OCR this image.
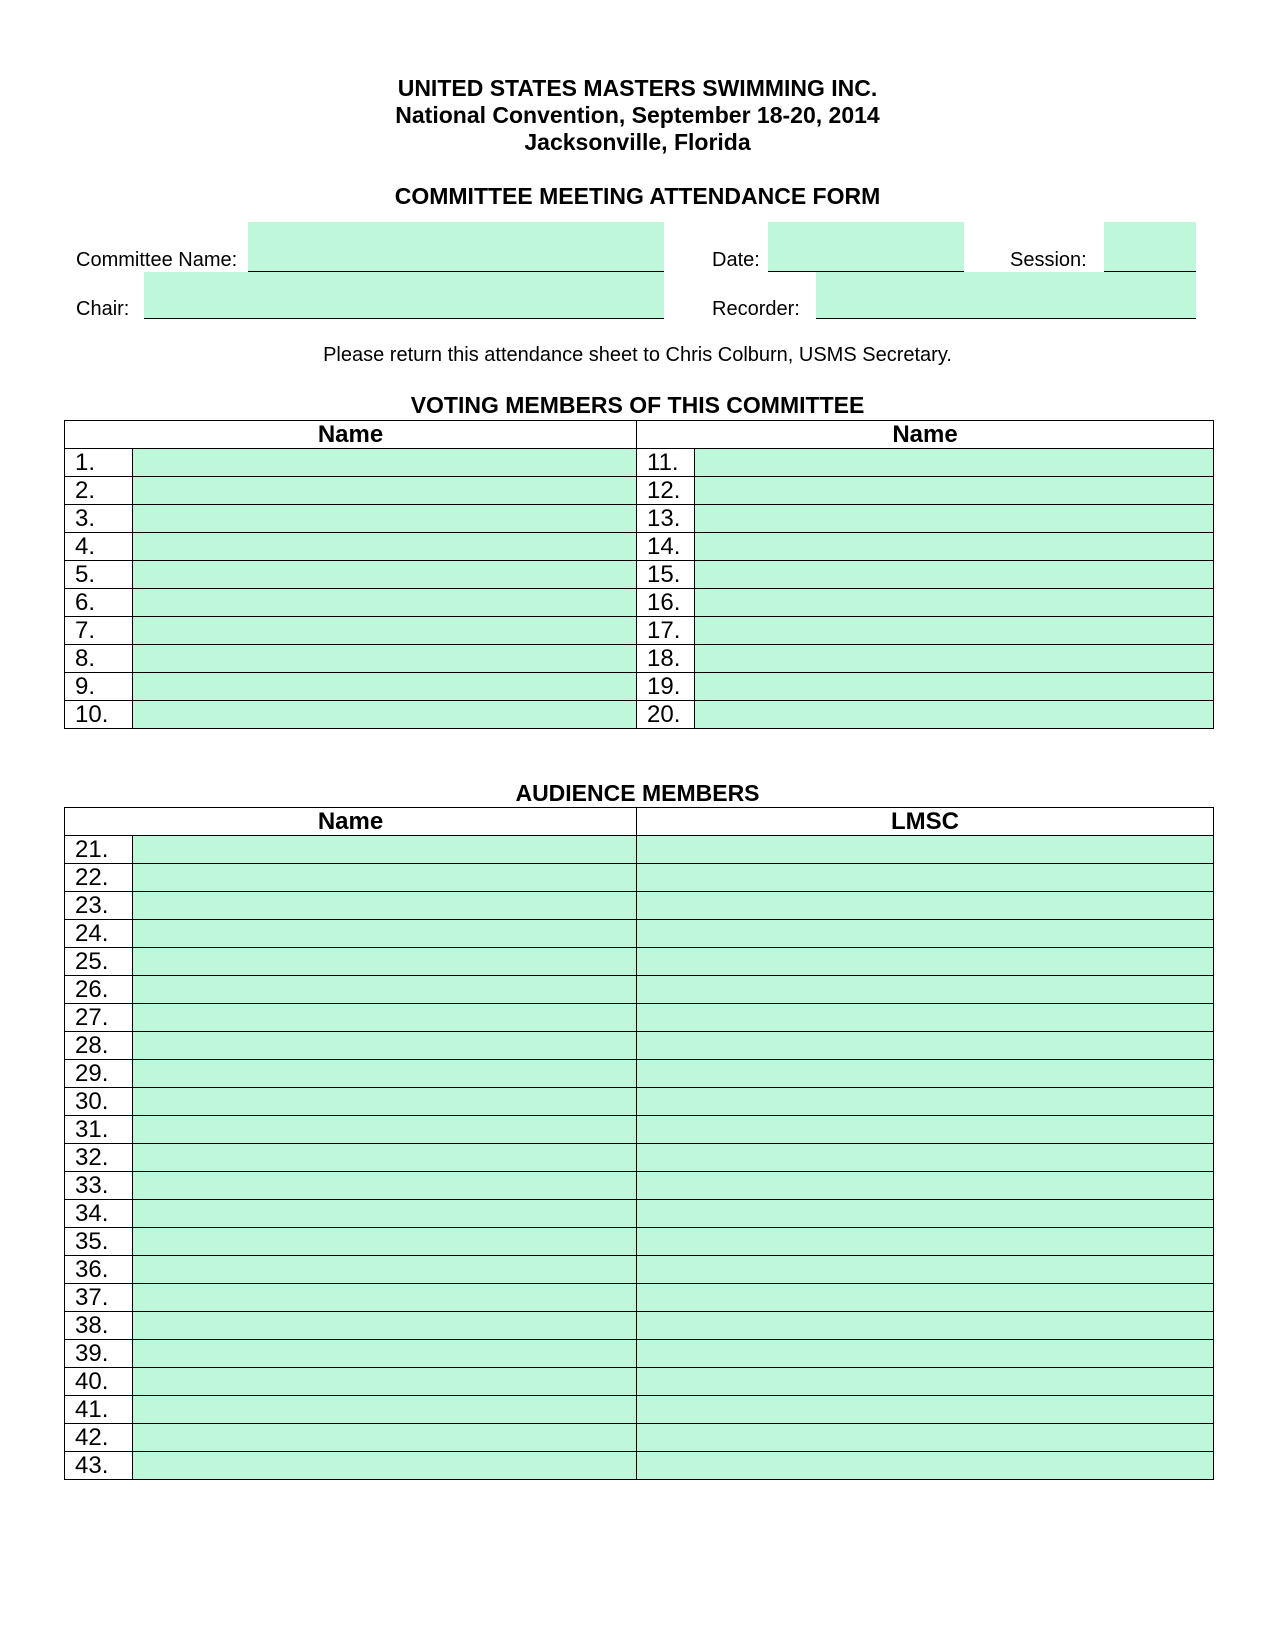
UNITED STATES MASTERS SWIMMING INC.
National Convention, September 18-20, 2014
Jacksonville, Florida
COMMITTEE MEETING ATTENDANCE FORM
Committee Name:	Date:	Session:
Chair:	Recorder:
Please return this attendance sheet to Chris Colburn, USMS Secretary.
VOTING MEMBERS OF THIS COMMITTEE
Name		Name	
1.		11.	
2.		12.	
3.		13.	
4.		14.	
5.		15.	
6.		16.	
7.		17.	
8.		18.	
9.		19.	
10.		20.	
AUDIENCE MEMBERS
Name		LMSC
21.		
22.		
23.		
24.		
25.		
26.		
27.		
28.		
29.		
30.		
31.		
32.		
33.		
34.		
35.		
36.		
37.		
38.		
39.		
40.		
41.		
42.		
43.		
